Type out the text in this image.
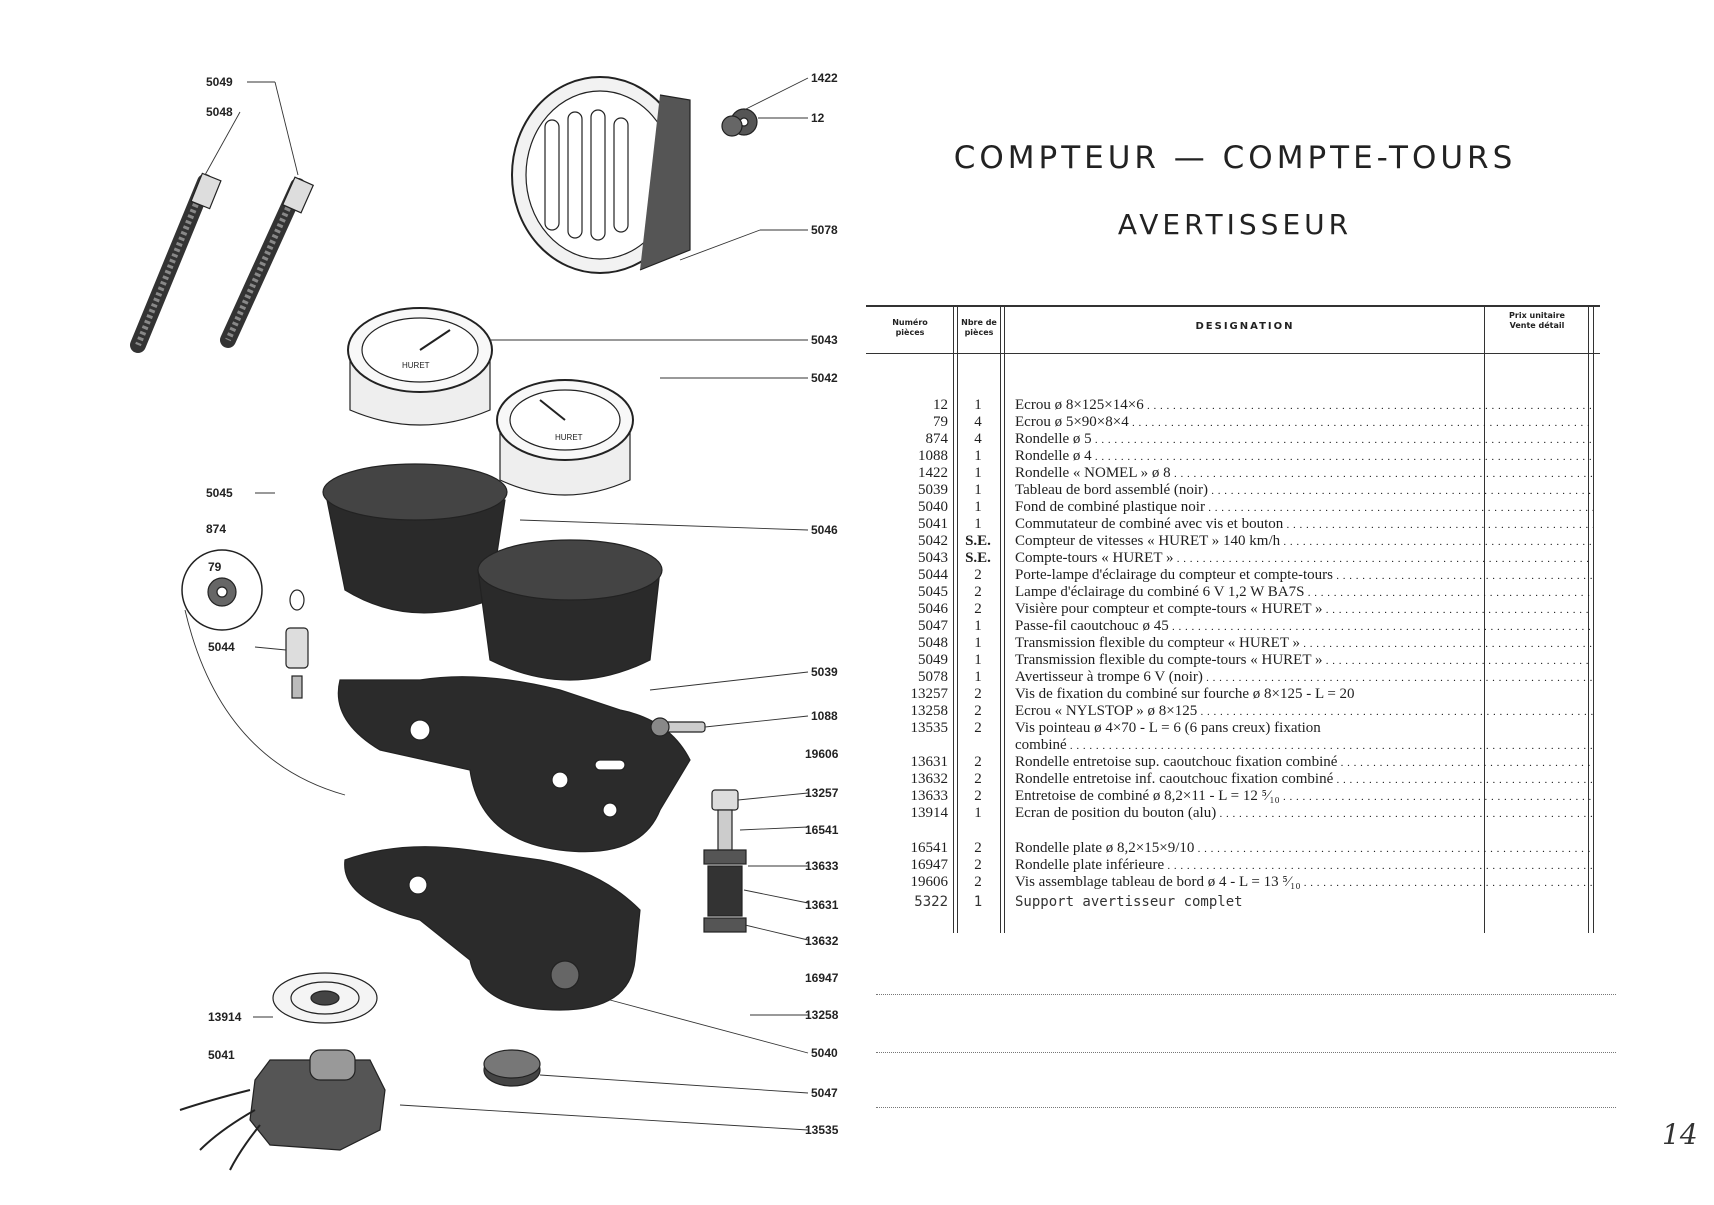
HURET
HURET
5049
5048
1422
12
5078
5043
5042
5045
874
79
5046
5044
5039
1088
19606
13257
16541
13633
13631
13632
16947
13258
13914
5041	5040
5047
13535
COMPTEUR — COMPTE-TOURS
AVERTISSEUR
Numéro
pièces
Nbre de
pièces
DESIGNATION
Prix unitaire
Vente détail
12	1	Ecrou ø 8×125×14×6 . . .
79	4	Ecrou ø 5×90×8×4 . . .
874	4	Rondelle ø 5 . . .
1088	1	Rondelle ø 4 . . .
1422	1	Rondelle « NOMEL » ø 8 . . .
5039	1	Tableau de bord assemblé (noir) . . .
5040	1	Fond de combiné plastique noir . . .
5041	1	Commutateur de combiné avec vis et bouton . . .
5042	S.E.	Compteur de vitesses « HURET » 140 km/h . . .
5043	S.E.	Compte-tours « HURET » . . .
5044	2	Porte-lampe d'éclairage du compteur et compte-tours . . .
5045	2	Lampe d'éclairage du combiné 6 V 1,2 W BA7S . . .
5046	2	Visière pour compteur et compte-tours « HURET » . . .
5047	1	Passe-fil caoutchouc ø 45 . . .
5048	1	Transmission flexible du compteur « HURET » . . .
5049	1	Transmission flexible du compte-tours « HURET » . . .
5078	1	Avertisseur à trompe 6 V (noir) . . .
13257	2	Vis de fixation du combiné sur fourche ø 8×125 - L = 20
13258	2	Ecrou « NYLSTOP » ø 8×125 . . .
13535	2	Vis pointeau ø 4×70 - L = 6 (6 pans creux) fixation
combiné . . .
13631	2	Rondelle entretoise sup. caoutchouc fixation combiné . . .
13632	2	Rondelle entretoise inf. caoutchouc fixation combiné . . .
13633	2	Entretoise de combiné ø 8,2×11 - L = 12 ⁵⁄₁₀ . . .
13914	1	Ecran de position du bouton (alu) . . .
16541	2	Rondelle plate ø 8,2×15×9/10 . . .
16947	2	Rondelle plate inférieure . . .
19606	2	Vis assemblage tableau de bord ø 4 - L = 13 ⁵⁄₁₀ . . .
5322	1	Support avertisseur complet
14
